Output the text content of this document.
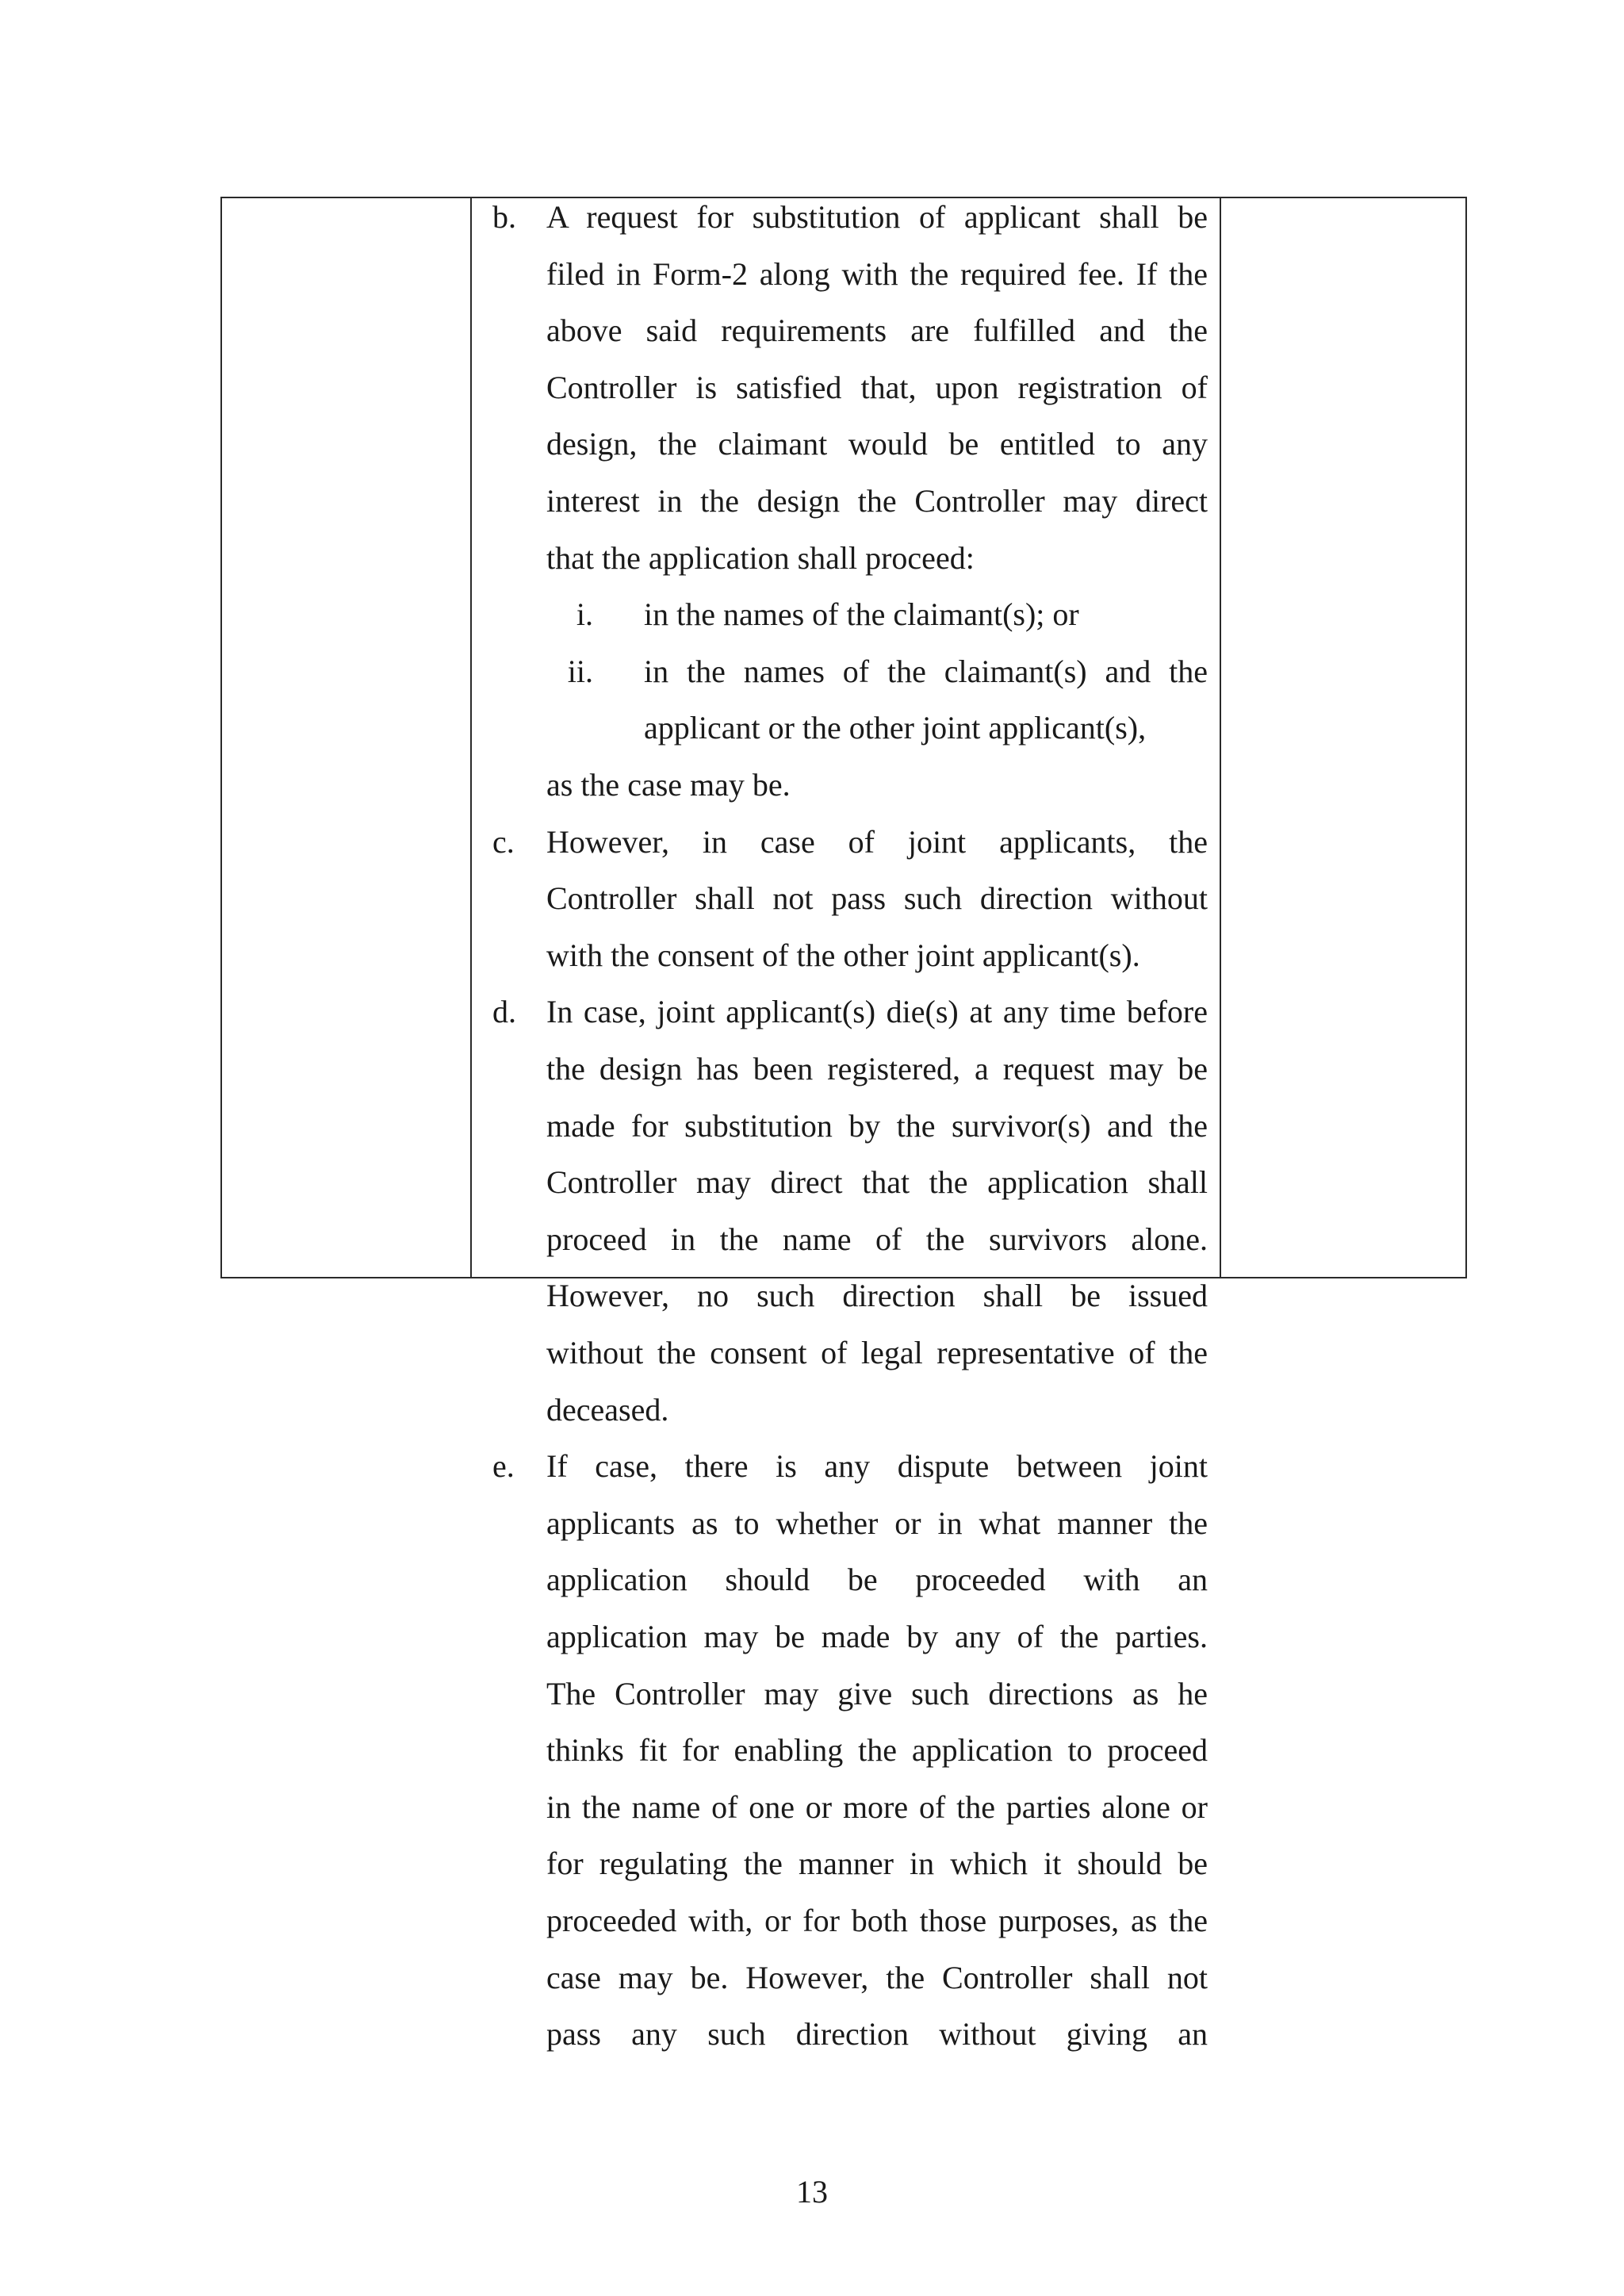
b. A request for substitution of applicant shall be
filed in Form-2 along with the required fee. If the
above said requirements are fulfilled and the
Controller is satisfied that, upon registration of
design, the claimant would be entitled to any
interest in the design the Controller may direct
that the application shall proceed:
i. in the names of the claimant(s); or
ii. in the names of the claimant(s) and the
applicant or the other joint applicant(s),
as the case may be.
c.	However, in case of joint applicants, the
Controller shall not pass such direction without
with the consent of the other joint applicant(s).
d. In case, joint applicant(s) die(s) at any time before
the design has been registered, a request may be
made for substitution by the survivor(s) and the
Controller may direct that the application shall
proceed in the name of the survivors alone.
However, no such direction shall be issued
without the consent of legal representative of the
deceased.
e.	If case, there is any dispute between joint
applicants as to whether or in what manner the
application should be proceeded with an
application may be made by any of the parties.
The Controller may give such directions as he
thinks fit for enabling the application to proceed
in the name of one or more of the parties alone or
for regulating the manner in which it should be
proceeded with, or for both those purposes, as the
case may be. However, the Controller shall not
pass any such direction without giving an
13
